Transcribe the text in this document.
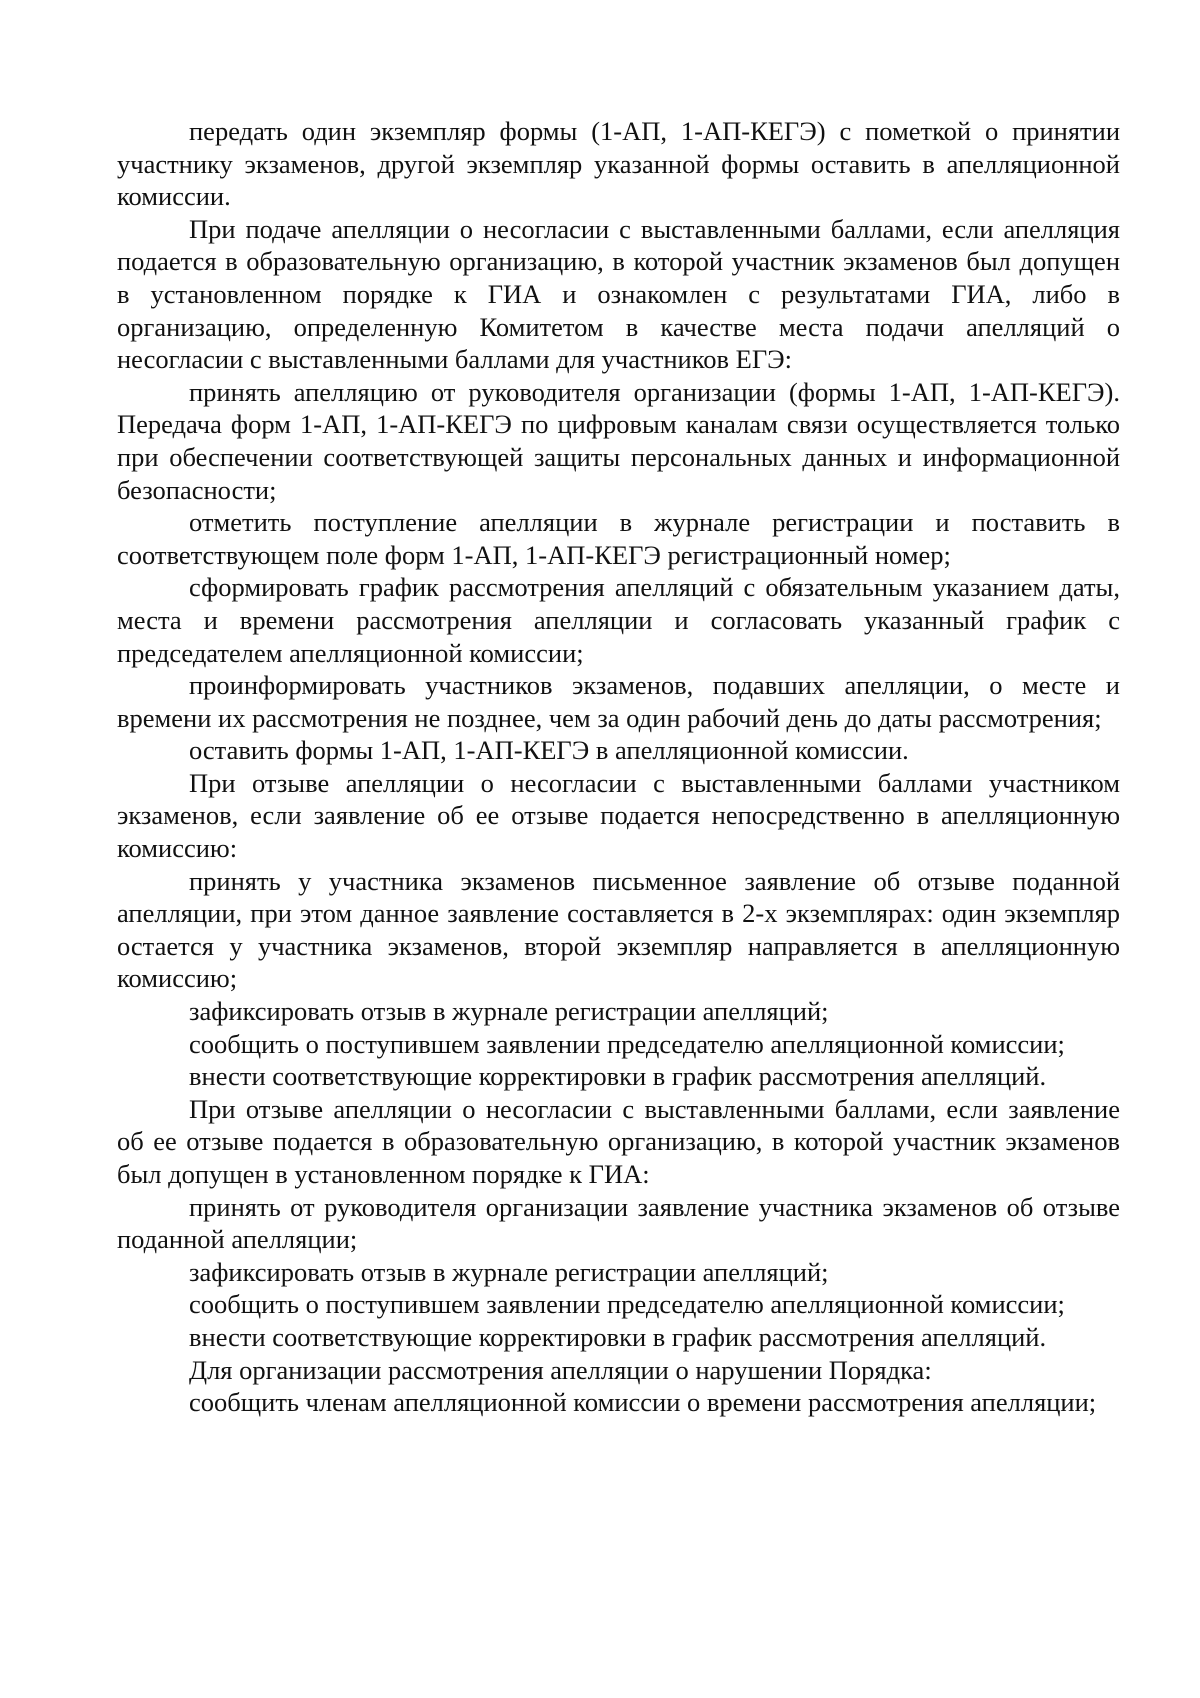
передать один экземпляр формы (1-АП, 1-АП-КЕГЭ) с пометкой о принятии участнику экзаменов, другой экземпляр указанной формы оставить в апелляционной комиссии.

При подаче апелляции о несогласии с выставленными баллами, если апелляция подается в образовательную организацию, в которой участник экзаменов был допущен в установленном порядке к ГИА и ознакомлен с результатами ГИА, либо в организацию, определенную Комитетом в качестве места подачи апелляций о несогласии с выставленными баллами для участников ЕГЭ:

принять апелляцию от руководителя организации (формы 1-АП, 1-АП-КЕГЭ). Передача форм 1-АП, 1-АП-КЕГЭ по цифровым каналам связи осуществляется только при обеспечении соответствующей защиты персональных данных и информационной безопасности;

отметить поступление апелляции в журнале регистрации и поставить в соответствующем поле форм 1-АП, 1-АП-КЕГЭ регистрационный номер;

сформировать график рассмотрения апелляций с обязательным указанием даты, места и времени рассмотрения апелляции и согласовать указанный график с председателем апелляционной комиссии;

проинформировать участников экзаменов, подавших апелляции, о месте и времени их рассмотрения не позднее, чем за один рабочий день до даты рассмотрения;

оставить формы 1-АП, 1-АП-КЕГЭ в апелляционной комиссии.

При отзыве апелляции о несогласии с выставленными баллами участником экзаменов, если заявление об ее отзыве подается непосредственно в апелляционную комиссию:

принять у участника экзаменов письменное заявление об отзыве поданной апелляции, при этом данное заявление составляется в 2-х экземплярах: один экземпляр остается у участника экзаменов, второй экземпляр направляется в апелляционную комиссию;

зафиксировать отзыв в журнале регистрации апелляций;

сообщить о поступившем заявлении председателю апелляционной комиссии;

внести соответствующие корректировки в график рассмотрения апелляций.

При отзыве апелляции о несогласии с выставленными баллами, если заявление об ее отзыве подается в образовательную организацию, в которой участник экзаменов был допущен в установленном порядке к ГИА:

принять от руководителя организации заявление участника экзаменов об отзыве поданной апелляции;

зафиксировать отзыв в журнале регистрации апелляций;

сообщить о поступившем заявлении председателю апелляционной комиссии;

внести соответствующие корректировки в график рассмотрения апелляций.

Для организации рассмотрения апелляции о нарушении Порядка:

сообщить членам апелляционной комиссии о времени рассмотрения апелляции;
